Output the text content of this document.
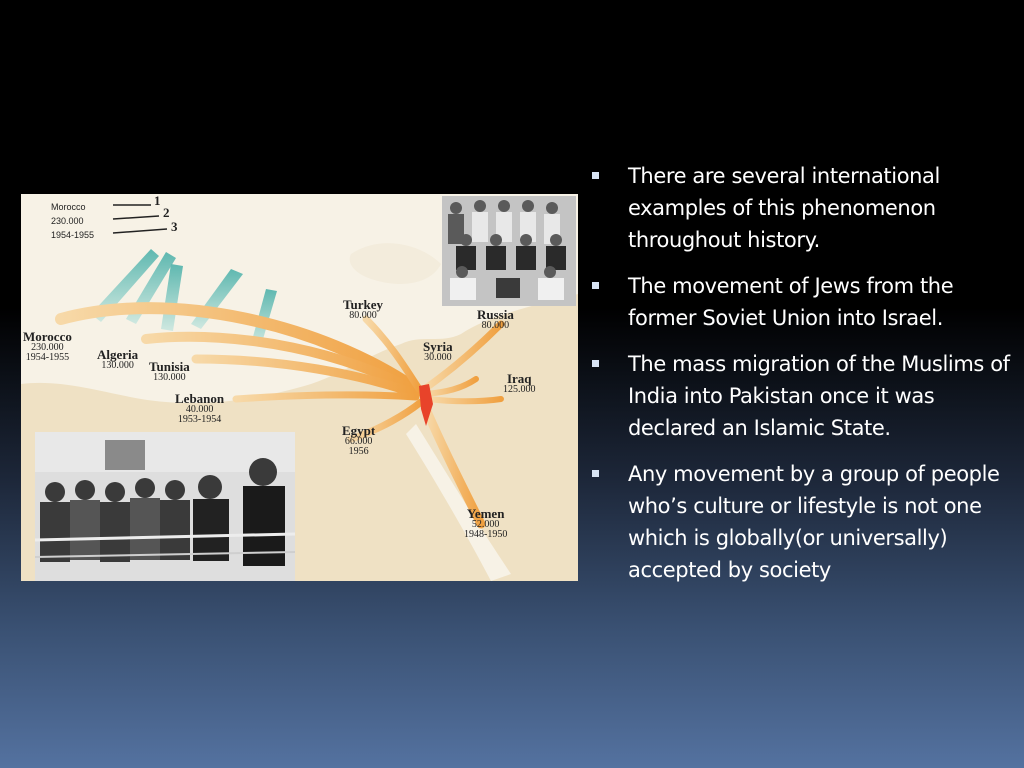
Morocco
230.000
1954-1955
1
2
3
Morocco
230.000
1954-1955 Algeria
130.000	Tunisia
130.000
Lebanon
40.000
1953-1954
Turkey
80.000	Russia
80.000
Syria
30.000
Iraq
125.000
Egypt
66.000
1956
Yemen
52.000
1948-1950
There are several international examples of this phenomenon throughout history.
The movement of Jews from the former Soviet Union into Israel.
The mass migration of the Muslims of India into Pakistan once it was declared an Islamic State.
Any movement by a group of people who’s culture or lifestyle is not one which is globally(or universally) accepted by society
